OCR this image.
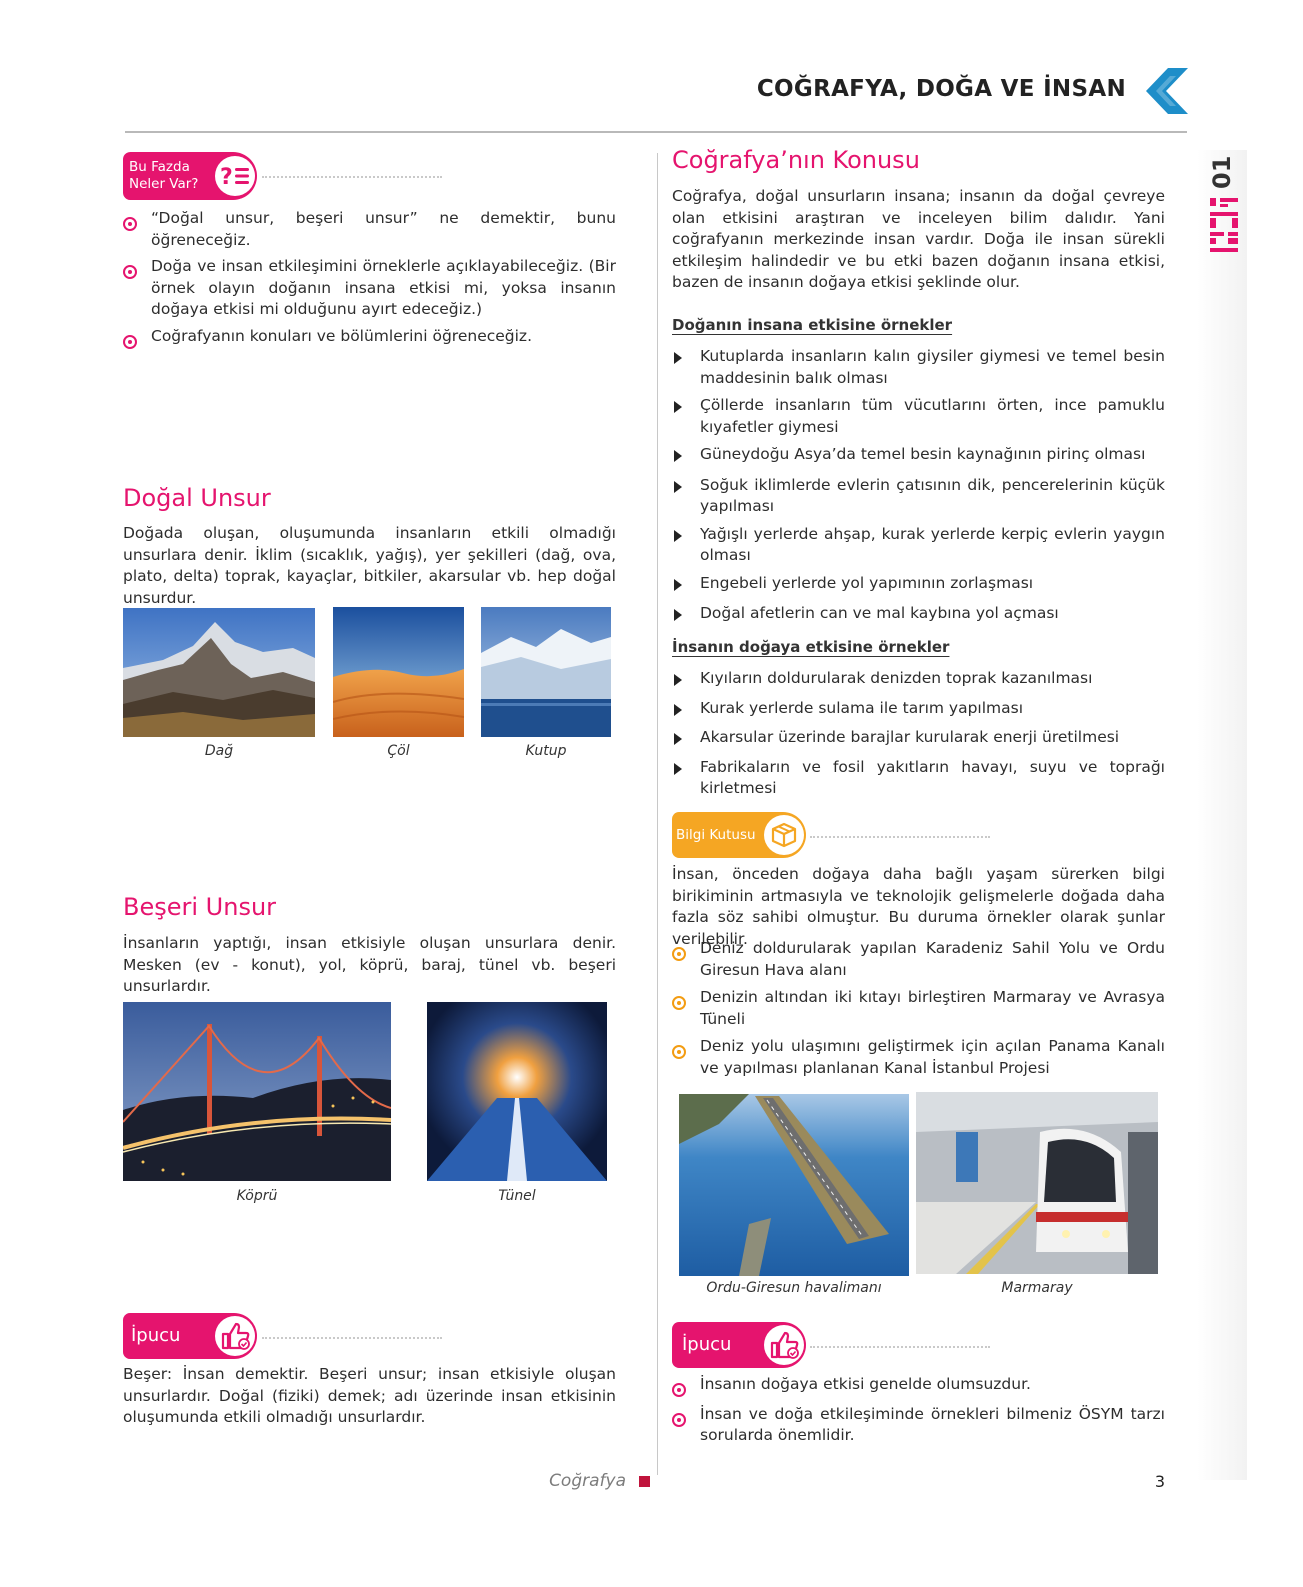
COĞRAFYA, DOĞA VE İNSAN
01
Bu Fazda
Neler Var? ?
“Doğal unsur, beşeri unsur” ne demektir, bunu öğreneceğiz.
Doğa ve insan etkileşimini örneklerle açıklayabileceğiz. (Bir örnek olayın doğanın insana etkisi mi, yoksa insanın doğaya etkisi mi olduğunu ayırt edeceğiz.)
Coğrafyanın konuları ve bölümlerini öğreneceğiz.
Doğal Unsur
Doğada oluşan, oluşumunda insanların etkili olmadığı unsurlara denir. İklim (sıcaklık, yağış), yer şekilleri (dağ, ova, plato, delta) toprak, kayaçlar, bitkiler, akarsular vb. hep doğal unsurdur.
Dağ	Çöl	Kutup
Beşeri Unsur
İnsanların yaptığı, insan etkisiyle oluşan unsurlara denir. Mesken (ev - konut), yol, köprü, baraj, tünel vb. beşeri unsurlardır.
Köprü	Tünel
İpucu
Beşer: İnsan demektir. Beşeri unsur; insan etkisiyle oluşan unsurlardır. Doğal (fiziki) demek; adı üzerinde insan etkisinin oluşumunda etkili olmadığı unsurlardır.
Coğrafya’nın Konusu
Coğrafya, doğal unsurların insana; insanın da doğal çevreye olan etkisini araştıran ve inceleyen bilim dalıdır. Yani coğrafyanın merkezinde insan vardır. Doğa ile insan sürekli etkileşim halindedir ve bu etki bazen doğanın insana etkisi, bazen de insanın doğaya etkisi şeklinde olur.
Doğanın insana etkisine örnekler
Kutuplarda insanların kalın giysiler giymesi ve temel besin maddesinin balık olması
Çöllerde insanların tüm vücutlarını örten, ince pamuklu kıyafetler giymesi
Güneydoğu Asya’da temel besin kaynağının pirinç olması
Soğuk iklimlerde evlerin çatısının dik, pencerelerinin küçük yapılması
Yağışlı yerlerde ahşap, kurak yerlerde kerpiç evlerin yaygın olması
Engebeli yerlerde yol yapımının zorlaşması
Doğal afetlerin can ve mal kaybına yol açması
İnsanın doğaya etkisine örnekler
Kıyıların doldurularak denizden toprak kazanılması
Kurak yerlerde sulama ile tarım yapılması
Akarsular üzerinde barajlar kurularak enerji üretilmesi
Fabrikaların ve fosil yakıtların havayı, suyu ve toprağı kirletmesi
Bilgi Kutusu
İnsan, önceden doğaya daha bağlı yaşam sürerken bilgi birikiminin artmasıyla ve teknolojik gelişmelerle doğada daha fazla söz sahibi olmuştur. Bu duruma örnekler olarak şunlar verilebilir.
Deniz doldurularak yapılan Karadeniz Sahil Yolu ve Ordu Giresun Hava alanı
Denizin altından iki kıtayı birleştiren Marmaray ve Avrasya Tüneli
Deniz yolu ulaşımını geliştirmek için açılan Panama Kanalı ve yapılması planlanan Kanal İstanbul Projesi
Ordu-Giresun havalimanı	Marmaray
İpucu
İnsanın doğaya etkisi genelde olumsuzdur.
İnsan ve doğa etkileşiminde örnekleri bilmeniz ÖSYM tarzı sorularda önemlidir.
Coğrafya	3
